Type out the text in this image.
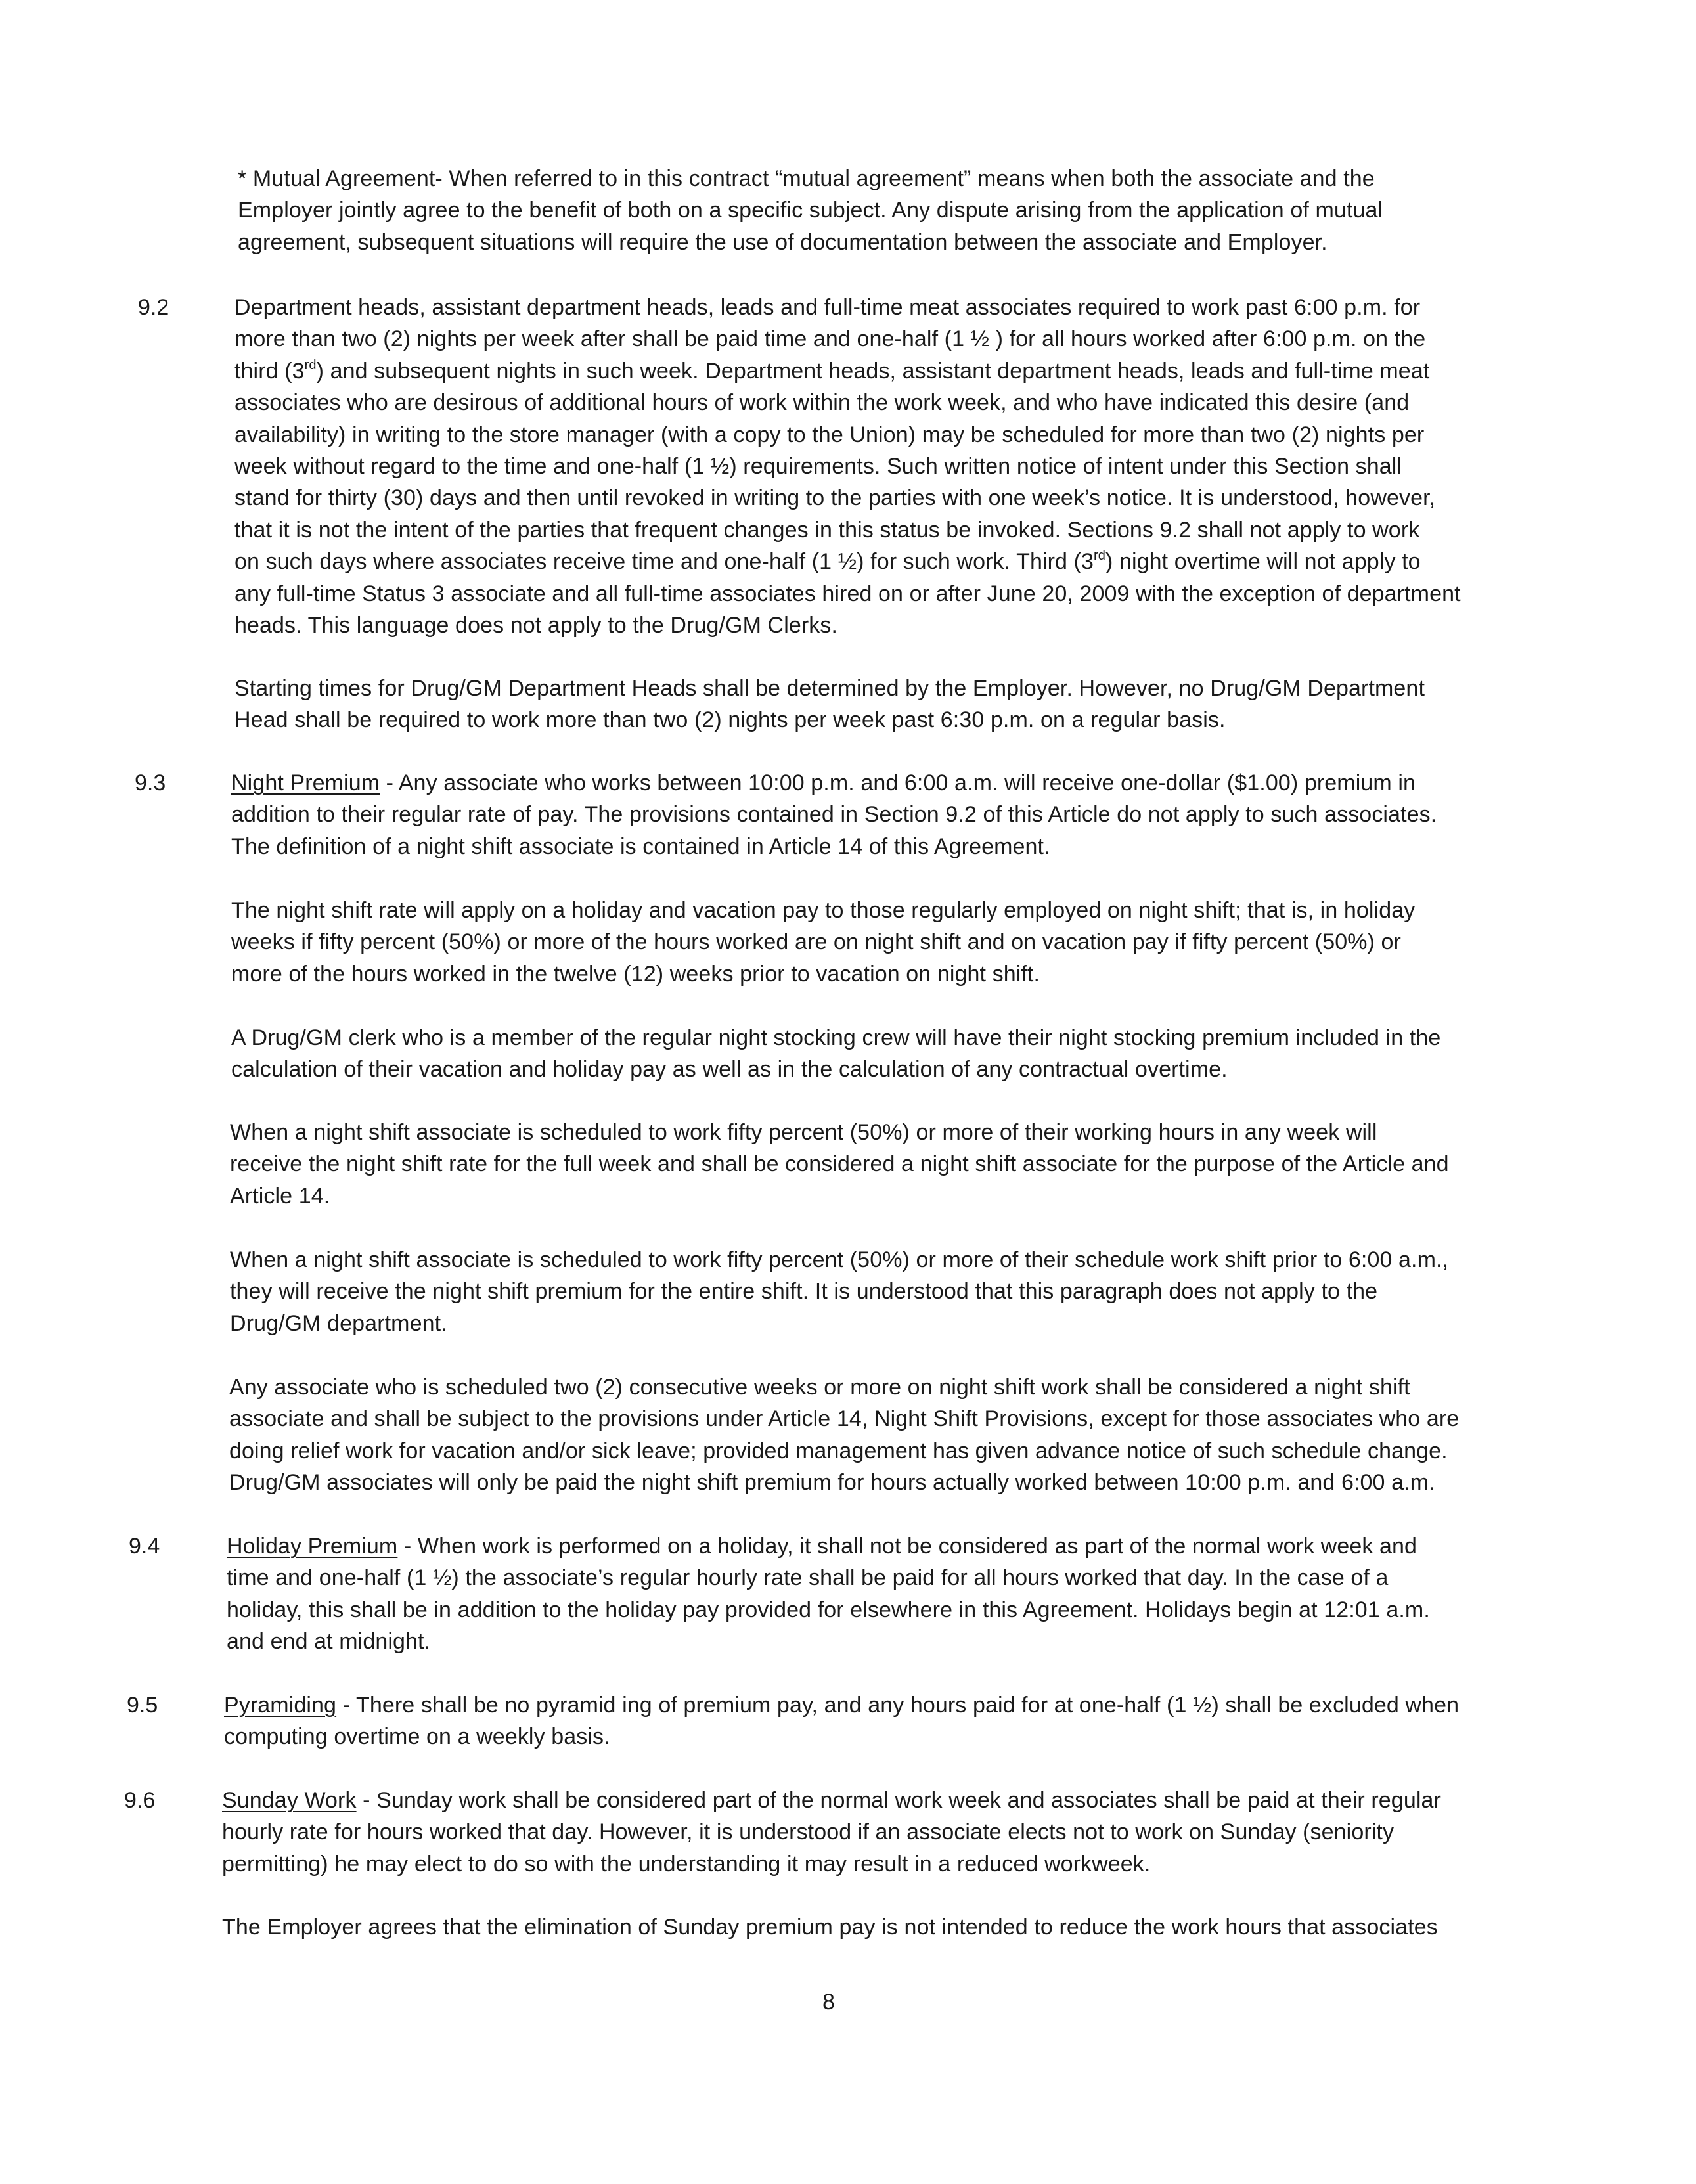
* Mutual Agreement- When referred to in this contract “mutual agreement” means when both the associate and the

Employer jointly agree to the benefit of both on a specific subject. Any dispute arising from the application of mutual

agreement, subsequent situations will require the use of documentation between the associate and Employer.

9.2	Department heads, assistant department heads, leads and full-time meat associates required to work past 6:00 p.m. for

more than two (2) nights per week after shall be paid time and one-half (1 ½ ) for all hours worked after 6:00 p.m. on the

third (3rd) and subsequent nights in such week. Department heads, assistant department heads, leads and full-time meat

associates who are desirous of additional hours of work within the work week, and who have indicated this desire (and

availability) in writing to the store manager (with a copy to the Union) may be scheduled for more than two (2) nights per

week without regard to the time and one-half (1 ½) requirements. Such written notice of intent under this Section shall

stand for thirty (30) days and then until revoked in writing to the parties with one week’s notice. It is understood, however,

that it is not the intent of the parties that frequent changes in this status be invoked. Sections 9.2 shall not apply to work

on such days where associates receive time and one-half (1 ½) for such work. Third (3rd) night overtime will not apply to

any full-time Status 3 associate and all full-time associates hired on or after June 20, 2009 with the exception of department

heads. This language does not apply to the Drug/GM Clerks.

Starting times for Drug/GM Department Heads shall be determined by the Employer. However, no Drug/GM Department

Head shall be required to work more than two (2) nights per week past 6:30 p.m. on a regular basis.

9.3	Night Premium - Any associate who works between 10:00 p.m. and 6:00 a.m. will receive one-dollar ($1.00) premium in

addition to their regular rate of pay. The provisions contained in Section 9.2 of this Article do not apply to such associates.

The definition of a night shift associate is contained in Article 14 of this Agreement.

The night shift rate will apply on a holiday and vacation pay to those regularly employed on night shift; that is, in holiday

weeks if fifty percent (50%) or more of the hours worked are on night shift and on vacation pay if fifty percent (50%) or

more of the hours worked in the twelve (12) weeks prior to vacation on night shift.

A Drug/GM clerk who is a member of the regular night stocking crew will have their night stocking premium included in the

calculation of their vacation and holiday pay as well as in the calculation of any contractual overtime.

When a night shift associate is scheduled to work fifty percent (50%) or more of their working hours in any week will

receive the night shift rate for the full week and shall be considered a night shift associate for the purpose of the Article and

Article 14.

When a night shift associate is scheduled to work fifty percent (50%) or more of their schedule work shift prior to 6:00 a.m.,

they will receive the night shift premium for the entire shift. It is understood that this paragraph does not apply to the

Drug/GM department.

Any associate who is scheduled two (2) consecutive weeks or more on night shift work shall be considered a night shift

associate and shall be subject to the provisions under Article 14, Night Shift Provisions, except for those associates who are

doing relief work for vacation and/or sick leave; provided management has given advance notice of such schedule change.

Drug/GM associates will only be paid the night shift premium for hours actually worked between 10:00 p.m. and 6:00 a.m.

9.4	Holiday Premium - When work is performed on a holiday, it shall not be considered as part of the normal work week and

time and one-half (1 ½) the associate’s regular hourly rate shall be paid for all hours worked that day. In the case of a

holiday, this shall be in addition to the holiday pay provided for elsewhere in this Agreement. Holidays begin at 12:01 a.m.

and end at midnight.

9.5	Pyramiding - There shall be no pyramid ing of premium pay, and any hours paid for at one-half (1 ½) shall be excluded when

computing overtime on a weekly basis.

9.6	Sunday Work - Sunday work shall be considered part of the normal work week and associates shall be paid at their regular

hourly rate for hours worked that day. However, it is understood if an associate elects not to work on Sunday (seniority

permitting) he may elect to do so with the understanding it may result in a reduced workweek.

The Employer agrees that the elimination of Sunday premium pay is not intended to reduce the work hours that associates

8
